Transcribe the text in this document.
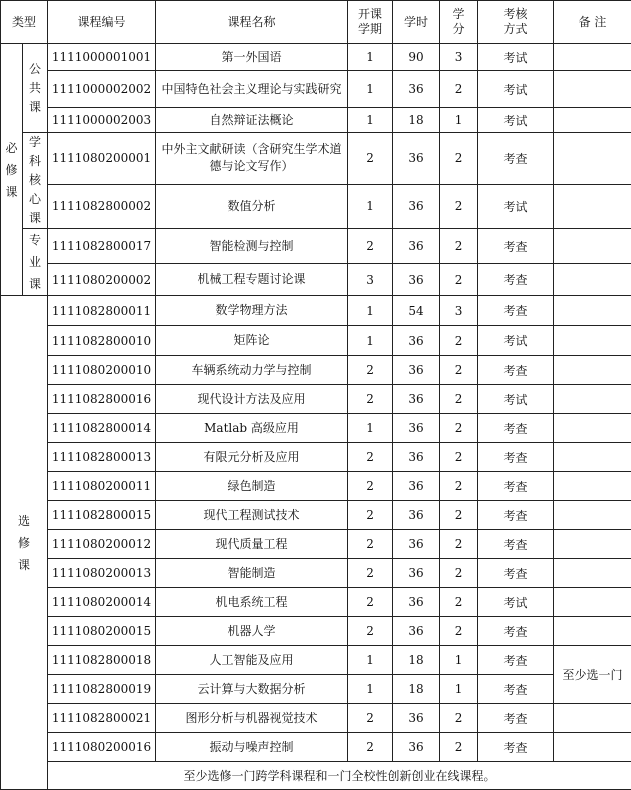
类型		课程编号	课程名称	开课学期	学时	学分	考核方式	备 注
必修课	公共课	1111000001001	第一外国语	1	90	3	考试	
		1111000002002	中国特色社会主义理论与实践研究	1	36	2	考试	
		1111000002003	自然辩证法概论	1	18	1	考试	
	学科核心课	1111080200001	中外主文献研读（含研究生学术道德与论文写作）	2	36	2	考查	
		1111082800002	数值分析	1	36	2	考试	
	专业课	1111082800017	智能检测与控制	2	36	2	考查	
		1111080200002	机械工程专题讨论课	3	36	2	考查	
选修课		1111082800011	数学物理方法	1	54	3	考查	
		1111082800010	矩阵论	1	36	2	考试	
		1111080200010	车辆系统动力学与控制	2	36	2	考查	
		1111082800016	现代设计方法及应用	2	36	2	考试	
		1111082800014	Matlab 高级应用	1	36	2	考查	
		1111082800013	有限元分析及应用	2	36	2	考查	
		1111080200011	绿色制造	2	36	2	考查	
		1111082800015	现代工程测试技术	2	36	2	考查	
		1111080200012	现代质量工程	2	36	2	考查	
		1111080200013	智能制造	2	36	2	考查	
		1111080200014	机电系统工程	2	36	2	考试	
		1111080200015	机器人学	2	36	2	考查	
		1111082800018	人工智能及应用	1	18	1	考查	至少选一门
		1111082800019	云计算与大数据分析	1	18	1	考查	
		1111082800021	图形分析与机器视觉技术	2	36	2	考查	
		1111080200016	振动与噪声控制	2	36	2	考查	
		至少选修一门跨学科课程和一门全校性创新创业在线课程。						
